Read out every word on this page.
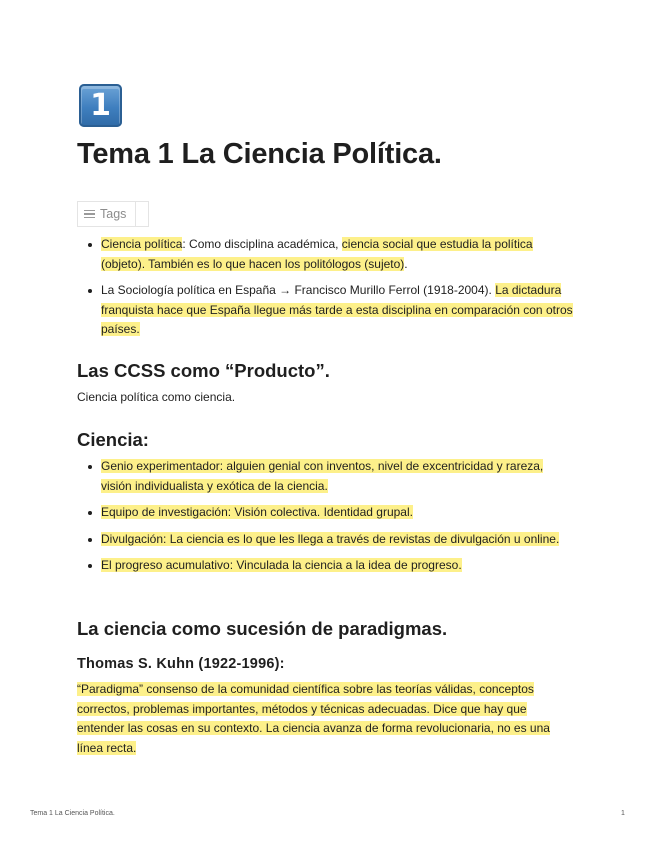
1
Tema 1 La Ciencia Política.
Tags
Ciencia política: Como disciplina académica, ciencia social que estudia la política (objeto). También es lo que hacen los politólogos (sujeto).
La Sociología política en España → Francisco Murillo Ferrol (1918-2004). La dictadura franquista hace que España llegue más tarde a esta disciplina en comparación con otros países.
Las CCSS como “Producto”.

Ciencia política como ciencia.

Ciencia:
Genio experimentador: alguien genial con inventos, nivel de excentricidad y rareza, visión individualista y exótica de la ciencia.
Equipo de investigación: Visión colectiva. Identidad grupal.
Divulgación: La ciencia es lo que les llega a través de revistas de divulgación u online.
El progreso acumulativo: Vinculada la ciencia a la idea de progreso.
La ciencia como sucesión de paradigmas.
Thomas S. Kuhn (1922-1996):

“Paradigma” consenso de la comunidad científica sobre las teorías válidas, conceptos correctos, problemas importantes, métodos y técnicas adecuadas. Dice que hay que entender las cosas en su contexto. La ciencia avanza de forma revolucionaria, no es una línea recta.

Tema 1 La Ciencia Política.	1
